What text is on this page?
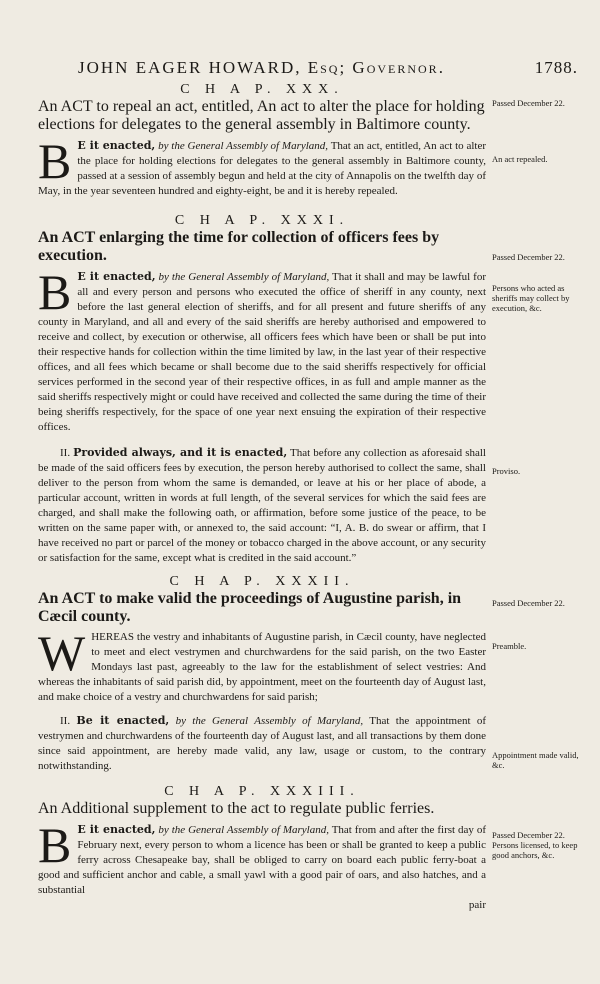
JOHN EAGER HOWARD, Esq; Governor.	1788.
Passed December 22.
An act repealed.
Passed December 22.
Persons who acted as sheriffs may collect by execution, &c.
Proviso.
Passed December 22.
Preamble.
Appointment made valid, &c.
Passed December 22. Persons licensed, to keep good anchors, &c.

C H A P. XXX.

An ACT to repeal an act, entitled, An act to alter the place for holding elections for delegates to the general assembly in Baltimore county.

B E it enacted, by the General Assembly of Maryland, That an act, entitled, An act to alter the place for holding elections for delegates to the general assembly in Baltimore county, passed at a session of assembly begun and held at the city of Annapolis on the twelfth day of May, in the year seventeen hundred and eighty-eight, be and it is hereby repealed.

C H A P. XXXI.

An ACT enlarging the time for collection of officers fees by execution.

B E it enacted, by the General Assembly of Maryland, That it shall and may be lawful for all and every person and persons who executed the office of sheriff in any county, next before the last general election of sheriffs, and for all present and future sheriffs of any county in Maryland, and all and every of the said sheriffs are hereby authorised and empowered to receive and collect, by execution or otherwise, all officers fees which have been or shall be put into their respective hands for collection within the time limited by law, in the last year of their respective offices, and all fees which became or shall become due to the said sheriffs respectively for official services performed in the second year of their respective offices, in as full and ample manner as the said sheriffs respectively might or could have received and collected the same during the time of their being sheriffs respectively, for the space of one year next ensuing the expiration of their respective offices.

II. Provided always, and it is enacted, That before any collection as aforesaid shall be made of the said officers fees by execution, the person hereby authorised to collect the same, shall deliver to the person from whom the same is demanded, or leave at his or her place of abode, a particular account, written in words at full length, of the several services for which the said fees are charged, and shall make the following oath, or affirmation, before some justice of the peace, to be written on the same paper with, or annexed to, the said account: “I, A. B. do swear or affirm, that I have received no part or parcel of the money or tobacco charged in the above account, or any security or satisfaction for the same, except what is credited in the said account.”

C H A P. XXXII.

An ACT to make valid the proceedings of Augustine parish, in Cæcil county.

W HEREAS the vestry and inhabitants of Augustine parish, in Cæcil county, have neglected to meet and elect vestrymen and churchwardens for the said parish, on the two Easter Mondays last past, agreeably to the law for the establishment of select vestries: And whereas the inhabitants of said parish did, by appointment, meet on the fourteenth day of August last, and make choice of a vestry and churchwardens for said parish;

II. Be it enacted, by the General Assembly of Maryland, That the appointment of vestrymen and churchwardens of the fourteenth day of August last, and all transactions by them done since said appointment, are hereby made valid, any law, usage or custom, to the contrary notwithstanding.

C H A P. XXXIII.

An Additional supplement to the act to regulate public ferries.

B E it enacted, by the General Assembly of Maryland, That from and after the first day of February next, every person to whom a licence has been or shall be granted to keep a public ferry across Chesapeake bay, shall be obliged to carry on board each public ferry-boat a good and sufficient anchor and cable, a small yawl with a good pair of oars, and also hatches, and a substantial

pair
